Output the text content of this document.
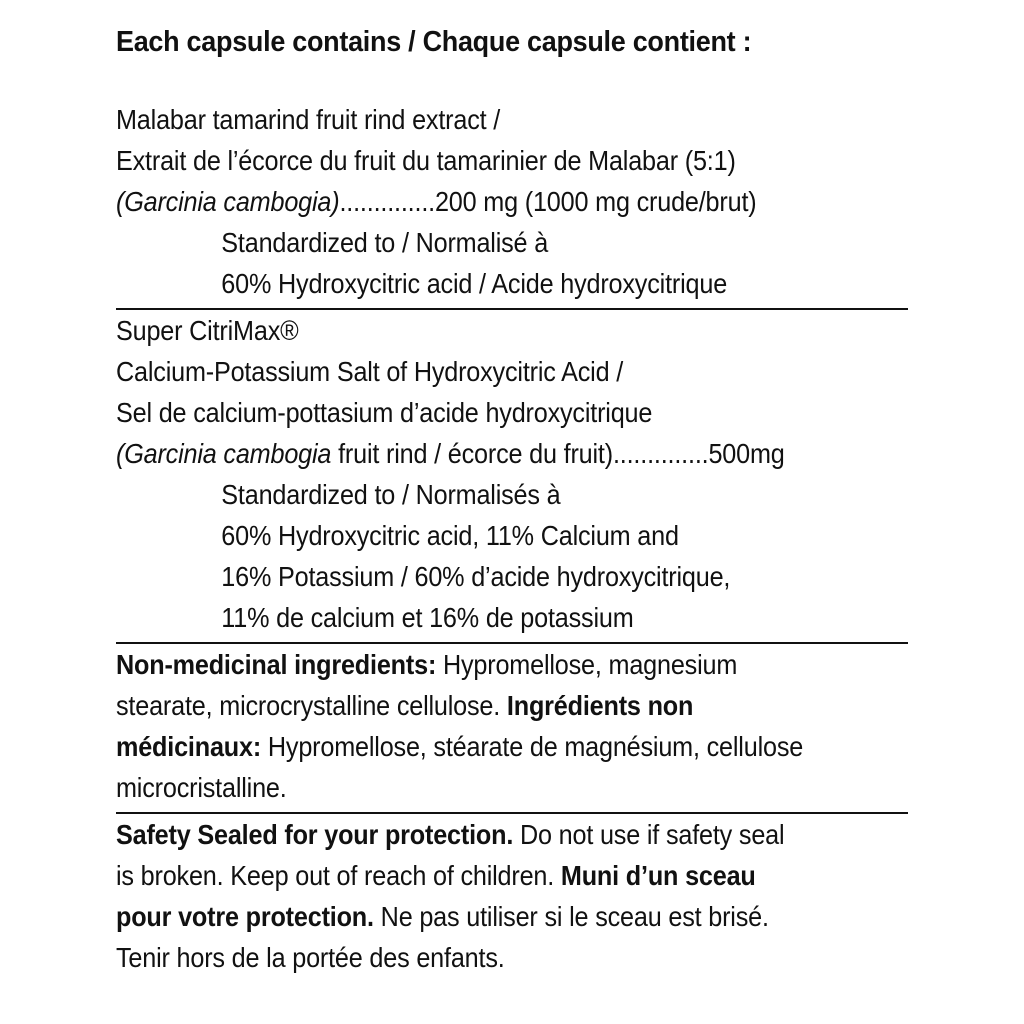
Each capsule contains / Chaque capsule contient :
Malabar tamarind fruit rind extract /
Extrait de l’écorce du fruit du tamarinier de Malabar (5:1)
(Garcinia cambogia)..............200 mg (1000 mg crude/brut)
Standardized to / Normalisé à
60% Hydroxycitric acid / Acide hydroxycitrique
Super CitriMax®
Calcium-Potassium Salt of Hydroxycitric Acid /
Sel de calcium-pottasium d’acide hydroxycitrique
(Garcinia cambogia fruit rind / écorce du fruit)..............500mg
Standardized to / Normalisés à
60% Hydroxycitric acid, 11% Calcium and
16% Potassium / 60% d’acide hydroxycitrique,
11% de calcium et 16% de potassium
Non-medicinal ingredients: Hypromellose, magnesium
stearate, microcrystalline cellulose. Ingrédients non
médicinaux: Hypromellose, stéarate de magnésium, cellulose
microcristalline.
Safety Sealed for your protection. Do not use if safety seal
is broken. Keep out of reach of children. Muni d’un sceau
pour votre protection. Ne pas utiliser si le sceau est brisé.
Tenir hors de la portée des enfants.
